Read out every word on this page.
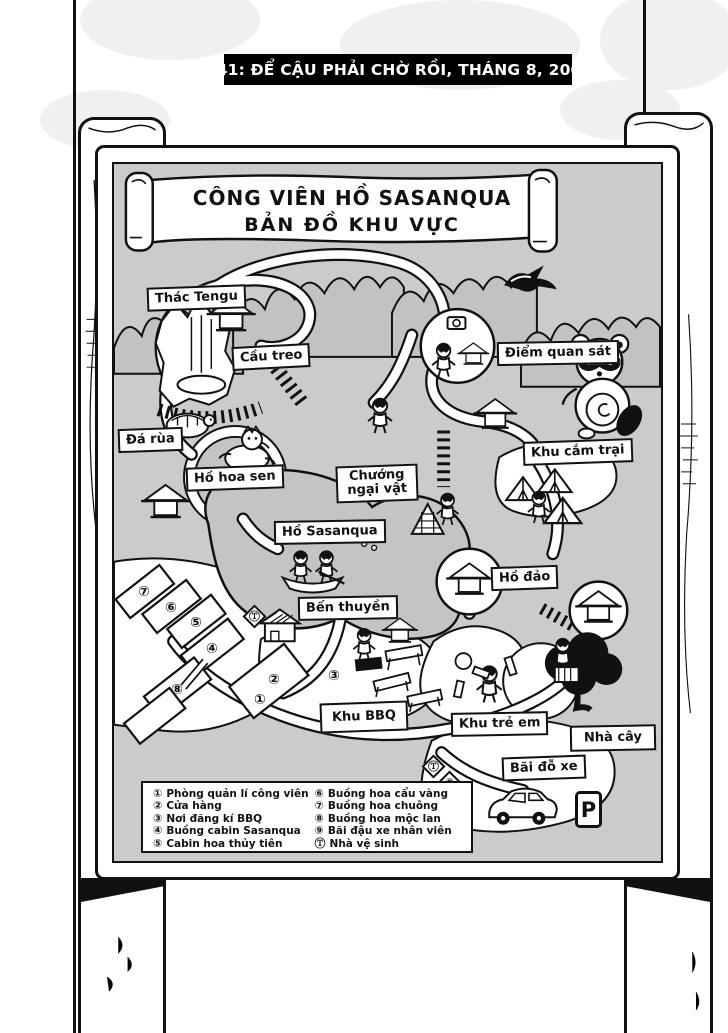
#41: ĐỂ CẬU PHẢI CHỜ RỒI, THÁNG 8, 2005
CÔNG VIÊN HỒ SASANQUA
BẢN ĐỒ KHU VỰC
Thác Tengu
Cầu treo	Điểm quan sát
Đá rùa
Khu cắm trại
Hồ hoa sen	Chướng
ngại vật
Hồ Sasanqua
Bến thuyền
Hồ đảo
Khu BBQ	Khu trẻ em
Nhà cây
Bãi đỗ xe
⑦
⑥
⑤
④
⑧
②
①
③
Ⓣ
Ⓣ
P
① Phòng quản lí công viên
② Cửa hàng
③ Nơi đăng kí BBQ
④ Buồng cabin Sasanqua
⑤ Cabin hoa thủy tiên
⑥ Buồng hoa cẩu vàng
⑦ Buồng hoa chuông
⑧ Buồng hoa mộc lan
⑨ Bãi đậu xe nhân viên
Ⓣ Nhà vệ sinh
